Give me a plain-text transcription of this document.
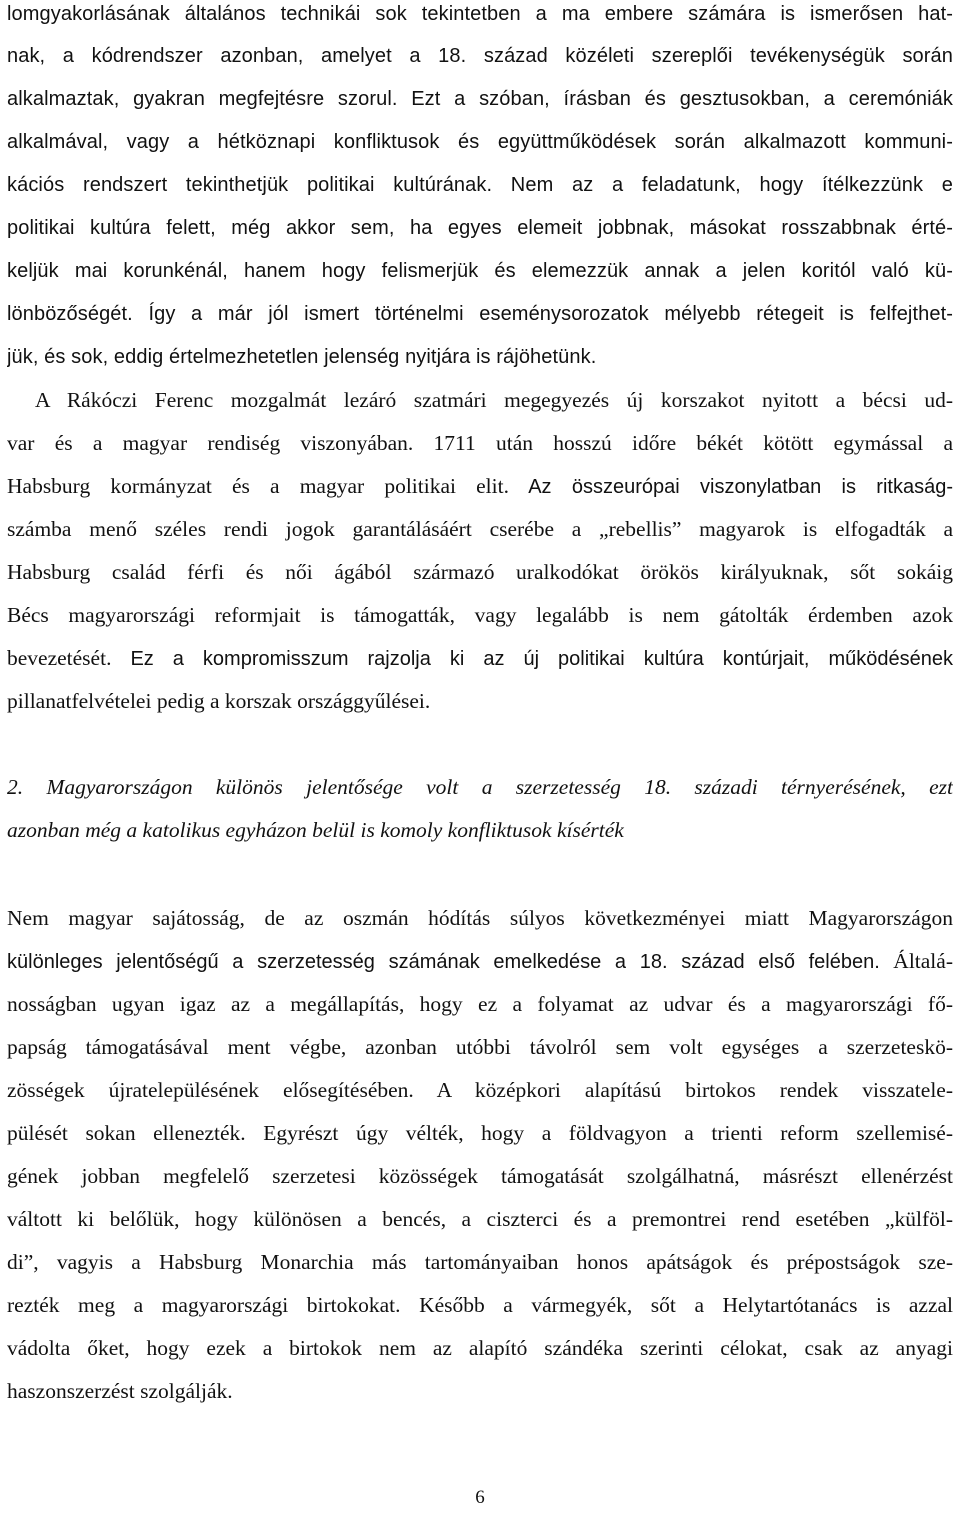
lomgyakorlásának általános technikái sok tekintetben a ma embere számára is ismerősen hat-
nak, a kódrendszer azonban, amelyet a 18. század közéleti szereplői tevékenységük során
alkalmaztak, gyakran megfejtésre szorul. Ezt a szóban, írásban és gesztusokban, a ceremóniák
alkalmával, vagy a hétköznapi konfliktusok és együttműködések során alkalmazott kommuni-
kációs rendszert tekinthetjük politikai kultúrának. Nem az a feladatunk, hogy ítélkezzünk e
politikai kultúra felett, még akkor sem, ha egyes elemeit jobbnak, másokat rosszabbnak érté-
keljük mai korunkénál, hanem hogy felismerjük és elemezzük annak a jelen koritól való kü-
lönbözőségét. Így a már jól ismert történelmi eseménysorozatok mélyebb rétegeit is felfejthet-
jük, és sok, eddig értelmezhetetlen jelenség nyitjára is rájöhetünk.
A Rákóczi Ferenc mozgalmát lezáró szatmári megegyezés új korszakot nyitott a bécsi ud-
var és a magyar rendiség viszonyában. 1711 után hosszú időre békét kötött egymással a
Habsburg kormányzat és a magyar politikai elit. Az összeurópai viszonylatban is ritkaság-
számba menő széles rendi jogok garantálásáért cserébe a „rebellis” magyarok is elfogadták a
Habsburg család férfi és női ágából származó uralkodókat örökös királyuknak, sőt sokáig
Bécs magyarországi reformjait is támogatták, vagy legalább is nem gátolták érdemben azok
bevezetését. Ez a kompromisszum rajzolja ki az új politikai kultúra kontúrjait, működésének
pillanatfelvételei pedig a korszak országgyűlései.
2. Magyarországon különös jelentősége volt a szerzetesség 18. századi térnyerésének, ezt
azonban még a katolikus egyházon belül is komoly konfliktusok kísérték
Nem magyar sajátosság, de az oszmán hódítás súlyos következményei miatt Magyarországon
különleges jelentőségű a szerzetesség számának emelkedése a 18. század első felében. Általá-
nosságban ugyan igaz az a megállapítás, hogy ez a folyamat az udvar és a magyarországi fő-
papság támogatásával ment végbe, azonban utóbbi távolról sem volt egységes a szerzeteskö-
zösségek újratelepülésének elősegítésében. A középkori alapítású birtokos rendek visszatele-
pülését sokan ellenezték. Egyrészt úgy vélték, hogy a földvagyon a trienti reform szellemisé-
gének jobban megfelelő szerzetesi közösségek támogatását szolgálhatná, másrészt ellenérzést
váltott ki belőlük, hogy különösen a bencés, a ciszterci és a premontrei rend esetében „külföl-
di”, vagyis a Habsburg Monarchia más tartományaiban honos apátságok és prépostságok sze-
rezték meg a magyarországi birtokokat. Később a vármegyék, sőt a Helytartótanács is azzal
vádolta őket, hogy ezek a birtokok nem az alapító szándéka szerinti célokat, csak az anyagi
haszonszerzést szolgálják.
6
